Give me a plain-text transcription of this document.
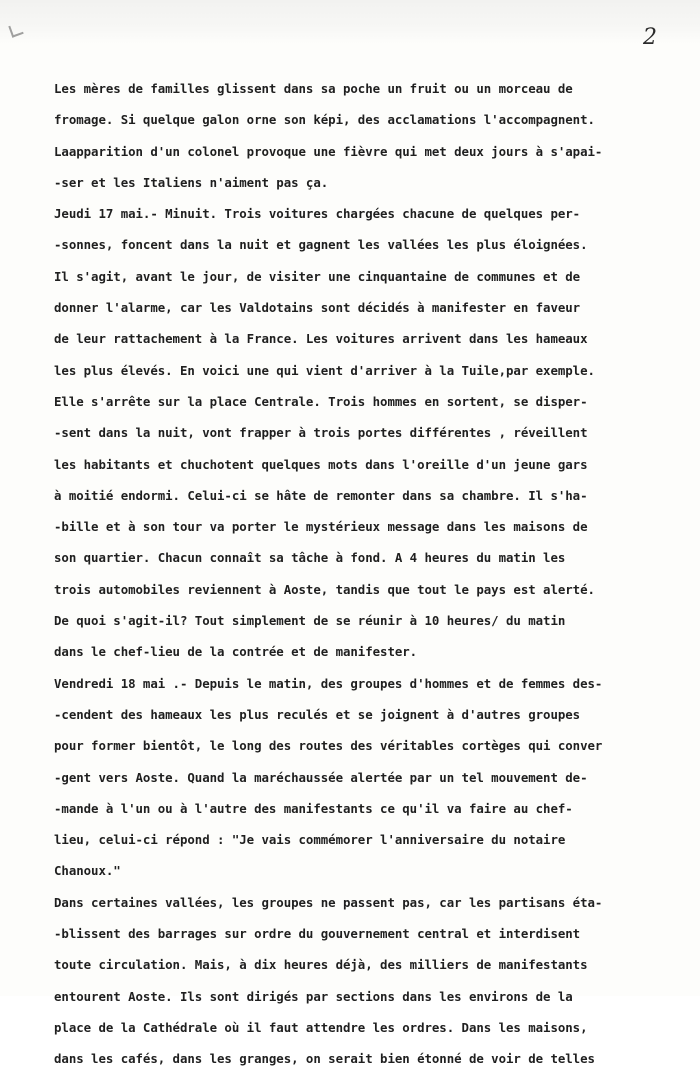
2
Les mères de familles glissent dans sa poche un fruit ou un morceau de
fromage. Si quelque galon orne son képi, des acclamations l'accompagnent.
Laapparition d'un colonel provoque une fièvre qui met deux jours à s'apai-
-ser et les Italiens n'aiment pas ça.
Jeudi 17 mai.- Minuit. Trois voitures chargées chacune de quelques per-
-sonnes, foncent dans la nuit et gagnent les vallées les plus éloignées.
Il s'agit, avant le jour, de visiter une cinquantaine de communes et de
donner l'alarme, car les Valdotains sont décidés à manifester en faveur
de leur rattachement à la France. Les voitures arrivent dans les hameaux
les plus élevés. En voici une qui vient d'arriver à la Tuile,par exemple.
Elle s'arrête sur la place Centrale. Trois hommes en sortent, se disper-
-sent dans la nuit, vont frapper à trois portes différentes , réveillent
les habitants et chuchotent quelques mots dans l'oreille d'un jeune gars
à moitié endormi. Celui-ci se hâte de remonter dans sa chambre. Il s'ha-
-bille et à son tour va porter le mystérieux message dans les maisons de
son quartier. Chacun connaît sa tâche à fond. A 4 heures du matin les
trois automobiles reviennent à Aoste, tandis que tout le pays est alerté.
De quoi s'agit-il? Tout simplement de se réunir à 10 heures/ du matin
dans le chef-lieu de la contrée et de manifester.
Vendredi 18 mai .- Depuis le matin, des groupes d'hommes et de femmes des-
-cendent des hameaux les plus reculés et se joignent à d'autres groupes
pour former bientôt, le long des routes des véritables cortèges qui conver
-gent vers Aoste. Quand la maréchaussée alertée par un tel mouvement de-
-mande à l'un ou à l'autre des manifestants ce qu'il va faire au chef-
lieu, celui-ci répond : "Je vais commémorer l'anniversaire du notaire
Chanoux."
Dans certaines vallées, les groupes ne passent pas, car les partisans éta-
-blissent des barrages sur ordre du gouvernement central et interdisent
toute circulation. Mais, à dix heures déjà, des milliers de manifestants
entourent Aoste. Ils sont dirigés par sections dans les environs de la
place de la Cathédrale où il faut attendre les ordres. Dans les maisons,
dans les cafés, dans les granges, on serait bien étonné de voir de telles
